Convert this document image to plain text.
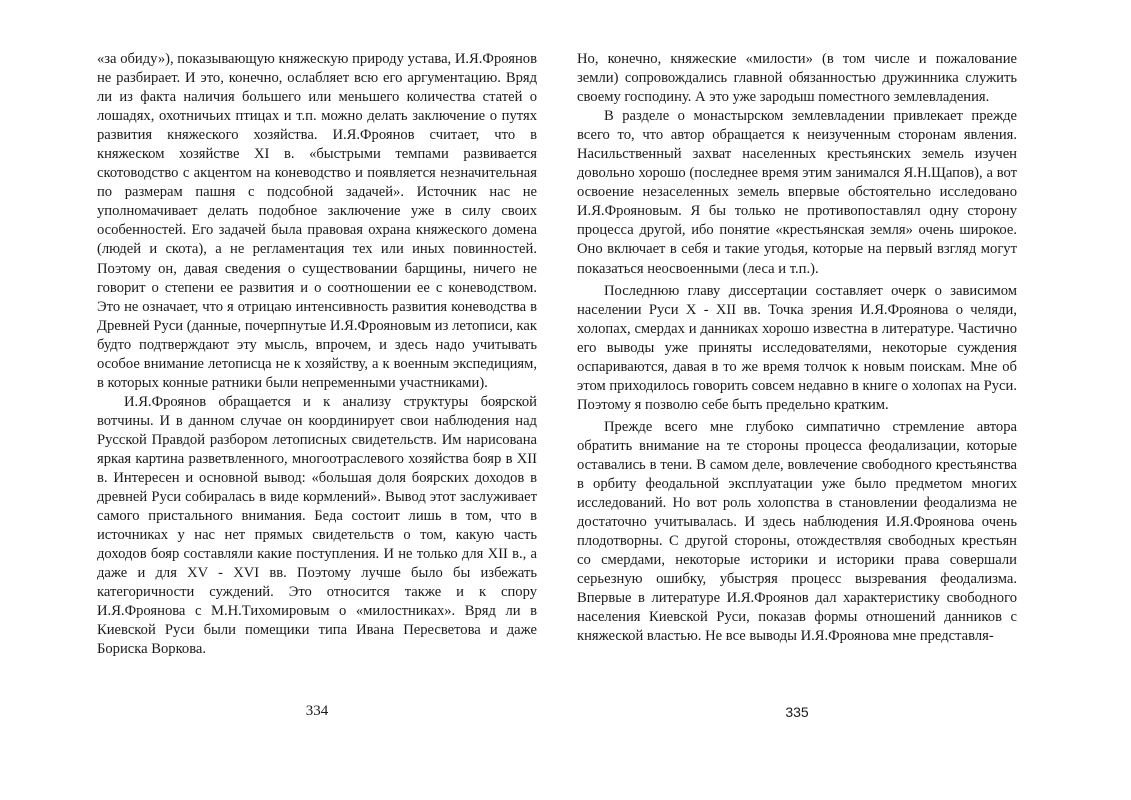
«за обиду»), показывающую княжескую природу устава, И.Я.Фроянов не разбирает. И это, конечно, ослабляет всю его аргументацию. Вряд ли из факта наличия большего или меньшего количества статей о лошадях, охотничьих птицах и т.п. можно делать заключение о путях развития княжеского хозяйства. И.Я.Фроянов считает, что в княжеском хозяйстве XI в. «быстрыми темпами развивается скотоводство с акцентом на коневодство и появляется незначительная по размерам пашня с подсобной задачей». Источник нас не уполномачивает делать подобное заключение уже в силу своих особенностей. Его задачей была правовая охрана княжеского домена (людей и скота), а не регламентация тех или иных повинностей. Поэтому он, давая сведения о существовании барщины, ничего не говорит о степени ее развития и о соотношении ее с коневодством. Это не означает, что я отрицаю интенсивность развития коневодства в Древней Руси (данные, почерпнутые И.Я.Фрояновым из летописи, как будто подтверждают эту мысль, впрочем, и здесь надо учитывать особое внимание летописца не к хозяйству, а к военным экспедициям, в которых конные ратники были непременными участниками).

И.Я.Фроянов обращается и к анализу структуры боярской вотчины. И в данном случае он координирует свои наблюдения над Русской Правдой разбором летописных свидетельств. Им нарисована яркая картина разветвленного, многоотраслевого хозяйства бояр в XII в. Интересен и основной вывод: «большая доля боярских доходов в древней Руси собиралась в виде кормлений». Вывод этот заслуживает самого пристального внимания. Беда состоит лишь в том, что в источниках у нас нет прямых свидетельств о том, какую часть доходов бояр составляли какие поступления. И не только для XII в., а даже и для XV - XVI вв. Поэтому лучше было бы избежать категоричности суждений. Это относится также и к спору И.Я.Фроянова с М.Н.Тихомировым о «милостниках». Вряд ли в Киевской Руси были помещики типа Ивана Пересветова и даже Бориска Воркова.

334

Но, конечно, княжеские «милости» (в том числе и пожалование земли) сопровождались главной обязанностью дружинника служить своему господину. А это уже зародыш поместного землевладения.

В разделе о монастырском землевладении привлекает прежде всего то, что автор обращается к неизученным сторонам явления. Насильственный захват населенных крестьянских земель изучен довольно хорошо (последнее время этим занимался Я.Н.Щапов), а вот освоение незаселенных земель впервые обстоятельно исследовано И.Я.Фрояновым. Я бы только не противопоставлял одну сторону процесса другой, ибо понятие «крестьянская земля» очень широкое. Оно включает в себя и такие угодья, которые на первый взгляд могут показаться неосвоенными (леса и т.п.).

Последнюю главу диссертации составляет очерк о зависимом населении Руси X - XII вв. Точка зрения И.Я.Фроянова о челяди, холопах, смердах и данниках хорошо известна в литературе. Частично его выводы уже приняты исследователями, некоторые суждения оспариваются, давая в то же время толчок к новым поискам. Мне об этом приходилось говорить совсем недавно в книге о холопах на Руси. Поэтому я позволю себе быть предельно кратким.

Прежде всего мне глубоко симпатично стремление автора обратить внимание на те стороны процесса феодализации, которые оставались в тени. В самом деле, вовлечение свободного крестьянства в орбиту феодальной эксплуатации уже было предметом многих исследований. Но вот роль холопства в становлении феодализма не достаточно учитывалась. И здесь наблюдения И.Я.Фроянова очень плодотворны. С другой стороны, отождествляя свободных крестьян со смердами, некоторые историки и историки права совершали серьезную ошибку, убыстряя процесс вызревания феодализма. Впервые в литературе И.Я.Фроянов дал характеристику свободного населения Киевской Руси, показав формы отношений данников с княжеской властью. Не все выводы И.Я.Фроянова мне представля-

335
